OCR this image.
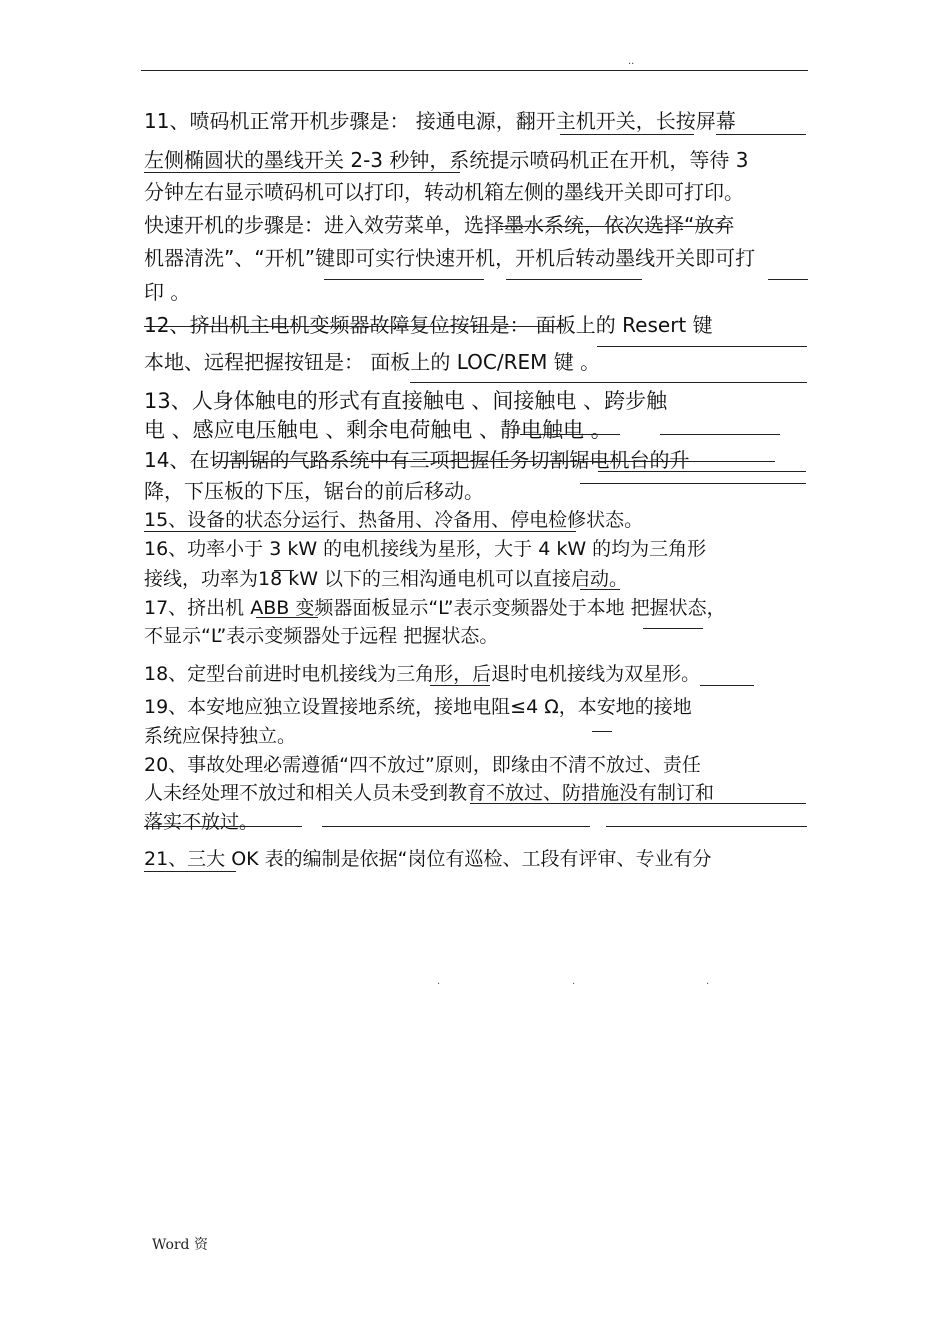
..
11、喷码机正常开机步骤是： 接通电源，翻开主机开关，长按屏幕
左侧椭圆状的墨线开关 2-3 秒钟，系统提示喷码机正在开机，等待 3
分钟左右显示喷码机可以打印，转动机箱左侧的墨线开关即可打印。
快速开机的步骤是：进入效劳菜单，选择墨水系统，依次选择“放弃
机器清洗”、“开机”键即可实行快速开机，开机后转动墨线开关即可打
印 。
12、挤出机主电机变频器故障复位按钮是： 面板上的 Resert 键
本地、远程把握按钮是： 面板上的 LOC/REM 键 。
13、人身体触电的形式有直接触电 、间接触电 、跨步触
电 、感应电压触电 、剩余电荷触电 、静电触电 。
14、在切割锯的气路系统中有三项把握任务切割锯电机台的升
降，下压板的下压，锯台的前后移动。
15、设备的状态分运行、热备用、冷备用、停电检修状态。
16、功率小于 3 kW 的电机接线为星形，大于 4 kW 的均为三角形
接线，功率为18 kW 以下的三相沟通电机可以直接启动。
17、挤出机 ABB 变频器面板显示“L”表示变频器处于本地 把握状态，
不显示“L”表示变频器处于远程 把握状态。
18、定型台前进时电机接线为三角形，后退时电机接线为双星形。
19、本安地应独立设置接地系统，接地电阻≤4 Ω，本安地的接地
系统应保持独立。
20、事故处理必需遵循“四不放过”原则，即缘由不清不放过、责任
人未经处理不放过和相关人员未受到教育不放过、防措施没有制订和
落实不放过。
21、三大 OK 表的编制是依据“岗位有巡检、工段有评审、专业有分
.	.	.
Word 资
